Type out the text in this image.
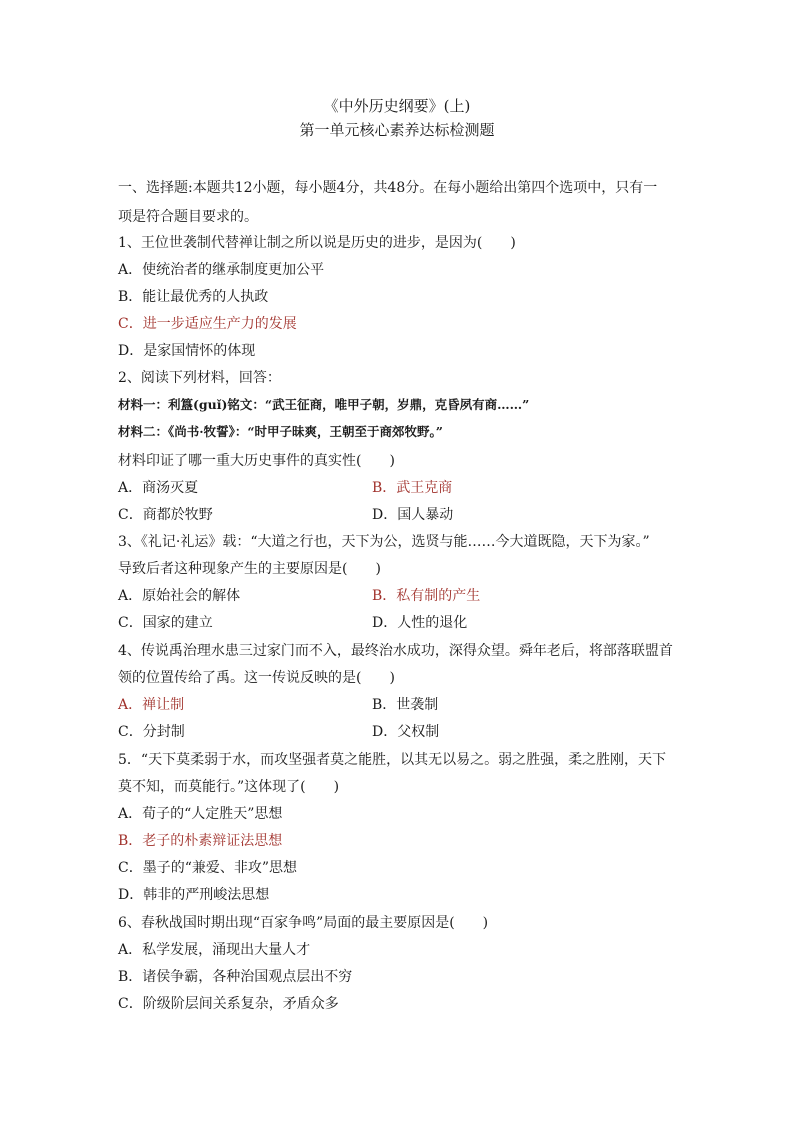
《中外历史纲要》(上)
第一单元核心素养达标检测题
一、选择题:本题共12小题，每小题4分，共48分。在每小题给出第四个选项中，只有一
项是符合题目要求的。
1、王位世袭制代替禅让制之所以说是历史的进步，是因为(　　)
A．使统治者的继承制度更加公平
B．能让最优秀的人执政
C．进一步适应生产力的发展
D．是家国情怀的体现
2、阅读下列材料，回答：
材料一：利簋(guǐ)铭文：“武王征商，唯甲子朝，岁鼎，克昏夙有商……”
材料二：《尚书·牧誓》：“时甲子昧爽，王朝至于商郊牧野。”
材料印证了哪一重大历史事件的真实性(　　)
A．商汤灭夏	B．武王克商
C．商都於牧野	D．国人暴动
3、《礼记·礼运》载：“大道之行也，天下为公，选贤与能……今大道既隐，天下为家。”
导致后者这种现象产生的主要原因是(　　)
A．原始社会的解体	B．私有制的产生
C．国家的建立	D．人性的退化
4、传说禹治理水患三过家门而不入，最终治水成功，深得众望。舜年老后，将部落联盟首
领的位置传给了禹。这一传说反映的是(　　)
A．禅让制	B．世袭制
C．分封制	D．父权制
5．“天下莫柔弱于水，而攻坚强者莫之能胜，以其无以易之。弱之胜强，柔之胜刚，天下
莫不知，而莫能行。”这体现了(　　)
A．荀子的“人定胜天”思想
B．老子的朴素辩证法思想
C．墨子的“兼爱、非攻”思想
D．韩非的严刑峻法思想
6、春秋战国时期出现“百家争鸣”局面的最主要原因是(　　)
A．私学发展，涌现出大量人才
B．诸侯争霸，各种治国观点层出不穷
C．阶级阶层间关系复杂，矛盾众多
